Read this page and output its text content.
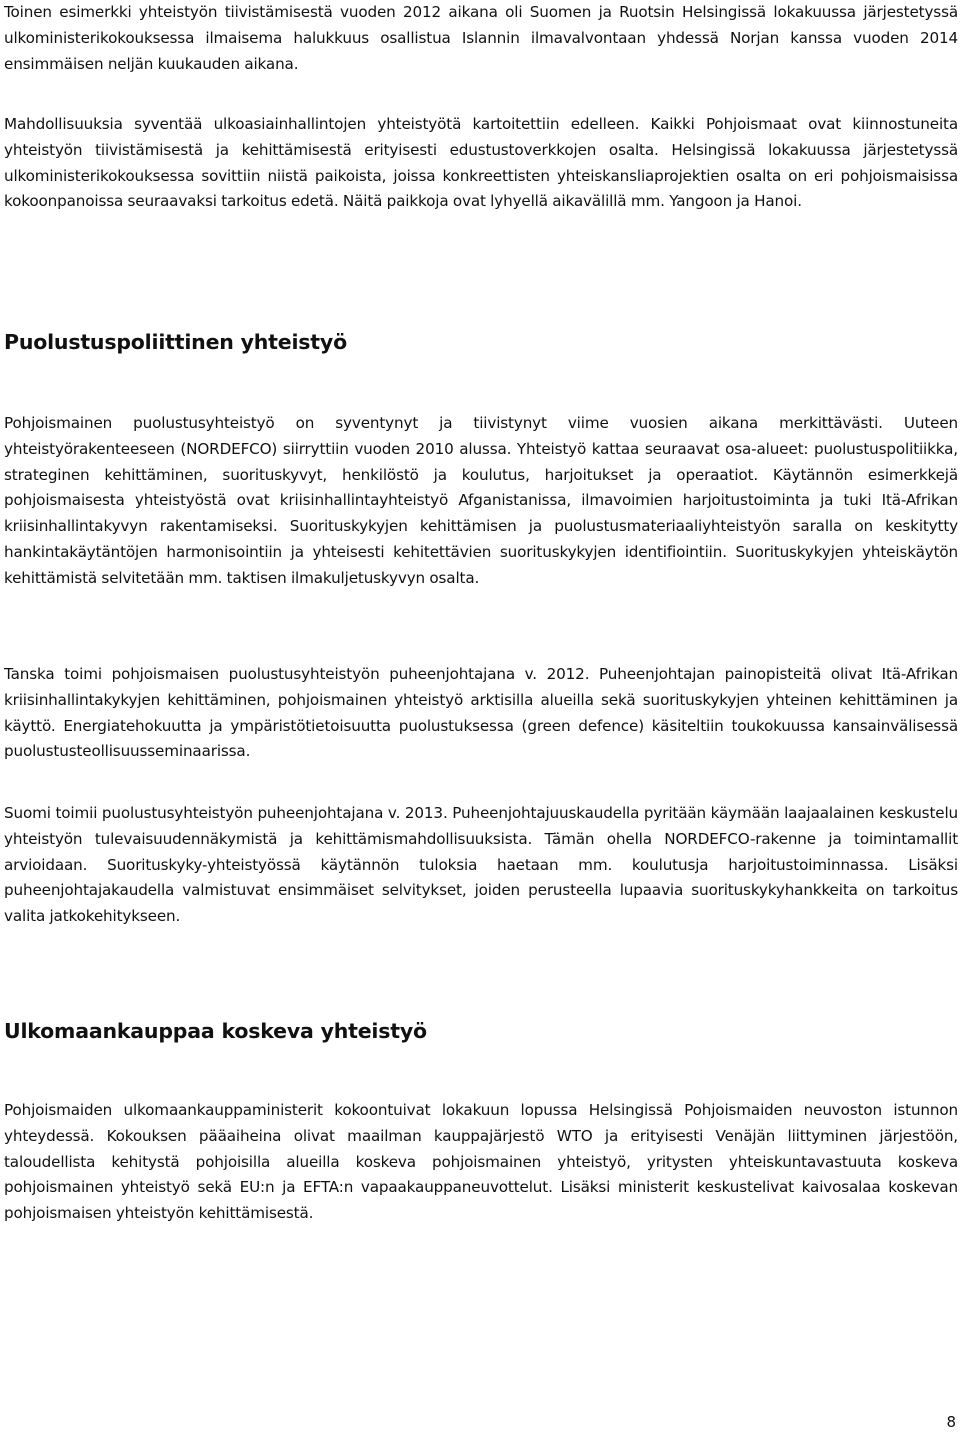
Toinen esimerkki yhteistyön tiivistämisestä vuoden 2012 aikana oli Suomen ja Ruotsin Helsingissä lokakuussa järjestetyssä ulkoministerikokouksessa ilmaisema halukkuus osallistua Islannin ilmavalvontaan yhdessä Norjan kanssa vuoden 2014 ensimmäisen neljän kuukauden aikana.

Mahdollisuuksia syventää ulkoasiainhallintojen yhteistyötä kartoitettiin edelleen. Kaikki Pohjoismaat ovat kiinnostuneita yhteistyön tiivistämisestä ja kehittämisestä erityisesti edustustoverkkojen osalta. Helsingissä lokakuussa järjestetyssä ulkoministerikokouksessa sovittiin niistä paikoista, joissa konkreettisten yhteiskansliaprojektien osalta on eri pohjoismaisissa kokoonpanoissa seuraavaksi tarkoitus edetä. Näitä paikkoja ovat lyhyellä aikavälillä mm. Yangoon ja Hanoi.

Puolustuspoliittinen yhteistyö

Pohjoismainen puolustusyhteistyö on syventynyt ja tiivistynyt viime vuosien aikana merkittävästi. Uuteen yhteistyörakenteeseen (NORDEFCO) siirryttiin vuoden 2010 alussa. Yhteistyö kattaa seuraavat osa-alueet: puolustuspolitiikka, strateginen kehittäminen, suorituskyvyt, henkilöstö ja koulutus, harjoitukset ja operaatiot. Käytännön esimerkkejä pohjoismaisesta yhteistyöstä ovat kriisinhallintayhteistyö Afganistanissa, ilmavoimien harjoitustoiminta ja tuki Itä-Afrikan kriisinhallintakyvyn rakentamiseksi. Suorituskykyjen kehittämisen ja puolustusmateriaaliyhteistyön saralla on keskitytty hankintakäytäntöjen harmonisointiin ja yhteisesti kehitettävien suorituskykyjen identifiointiin. Suorituskykyjen yhteiskäytön kehittämistä selvitetään mm. taktisen ilmakuljetuskyvyn osalta.

Tanska toimi pohjoismaisen puolustusyhteistyön puheenjohtajana v. 2012. Puheenjohtajan painopisteitä olivat Itä-Afrikan kriisinhallintakykyjen kehittäminen, pohjoismainen yhteistyö arktisilla alueilla sekä suorituskykyjen yhteinen kehittäminen ja käyttö. Energiatehokuutta ja ympäristötietoisuutta puolustuksessa (green defence) käsiteltiin toukokuussa kansainvälisessä puolustusteollisuusseminaarissa.

Suomi toimii puolustusyhteistyön puheenjohtajana v. 2013. Puheenjohtajuuskaudella pyritään käymään laajaalainen keskustelu yhteistyön tulevaisuudennäkymistä ja kehittämismahdollisuuksista. Tämän ohella NORDEFCO-rakenne ja toimintamallit arvioidaan. Suorituskyky-yhteistyössä käytännön tuloksia haetaan mm. koulutusja harjoitustoiminnassa. Lisäksi puheenjohtajakaudella valmistuvat ensimmäiset selvitykset, joiden perusteella lupaavia suorituskykyhankkeita on tarkoitus valita jatkokehitykseen.

Ulkomaankauppaa koskeva yhteistyö

Pohjoismaiden ulkomaankauppaministerit kokoontuivat lokakuun lopussa Helsingissä Pohjoismaiden neuvoston istunnon yhteydessä. Kokouksen pääaiheina olivat maailman kauppajärjestö WTO ja erityisesti Venäjän liittyminen järjestöön, taloudellista kehitystä pohjoisilla alueilla koskeva pohjoismainen yhteistyö, yritysten yhteiskuntavastuuta koskeva pohjoismainen yhteistyö sekä EU:n ja EFTA:n vapaakauppaneuvottelut. Lisäksi ministerit keskustelivat kaivosalaa koskevan pohjoismaisen yhteistyön kehittämisestä.

8
